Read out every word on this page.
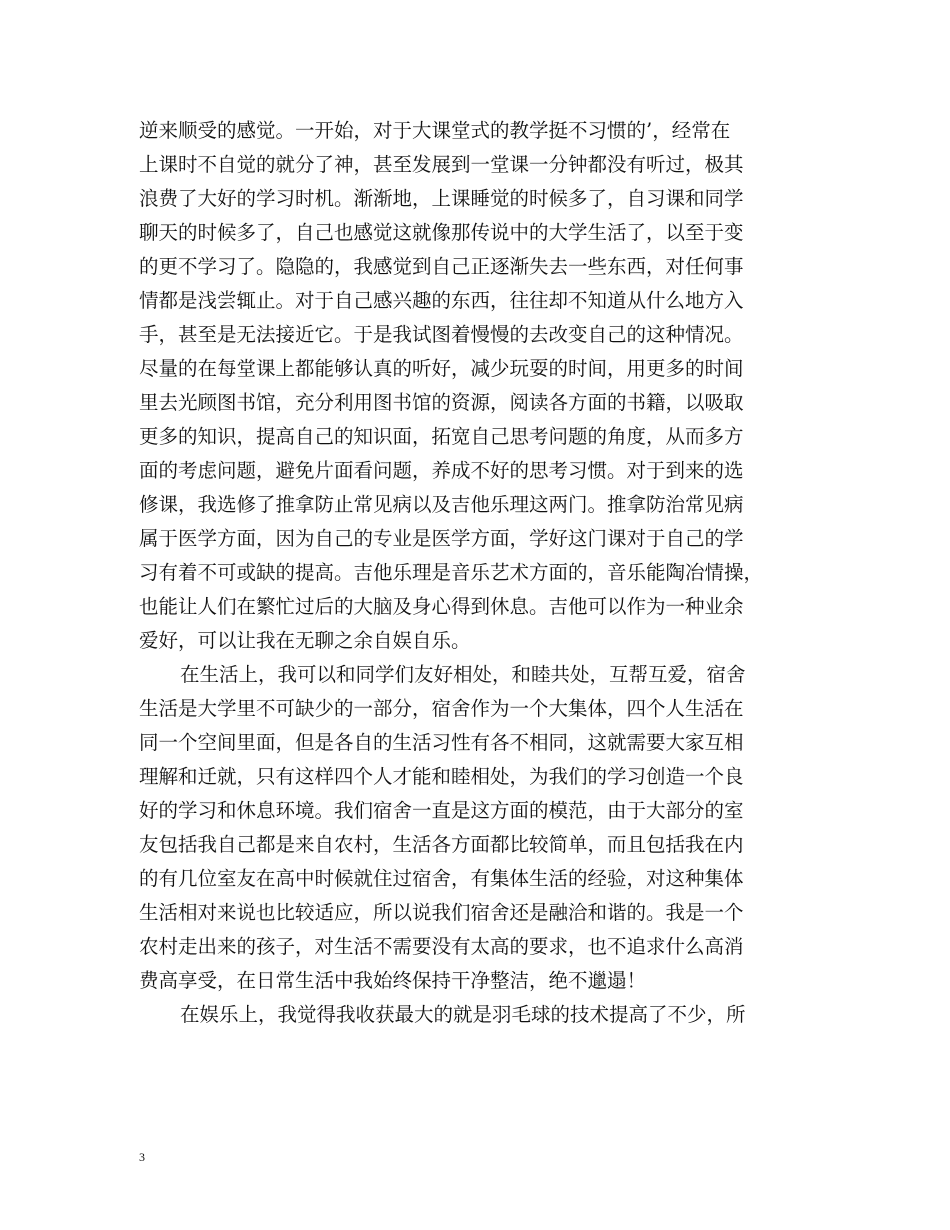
逆来顺受的感觉。一开始，对于大课堂式的教学挺不习惯的’，经常在
上课时不自觉的就分了神，甚至发展到一堂课一分钟都没有听过，极其
浪费了大好的学习时机。渐渐地，上课睡觉的时候多了，自习课和同学
聊天的时候多了，自己也感觉这就像那传说中的大学生活了，以至于变
的更不学习了。隐隐的，我感觉到自己正逐渐失去一些东西，对任何事
情都是浅尝辄止。对于自己感兴趣的东西，往往却不知道从什么地方入
手，甚至是无法接近它。于是我试图着慢慢的去改变自己的这种情况。
尽量的在每堂课上都能够认真的听好，减少玩耍的时间，用更多的时间
里去光顾图书馆，充分利用图书馆的资源，阅读各方面的书籍，以吸取
更多的知识，提高自己的知识面，拓宽自己思考问题的角度，从而多方
面的考虑问题，避免片面看问题，养成不好的思考习惯。对于到来的选
修课，我选修了推拿防止常见病以及吉他乐理这两门。推拿防治常见病
属于医学方面，因为自己的专业是医学方面，学好这门课对于自己的学
习有着不可或缺的提高。吉他乐理是音乐艺术方面的，音乐能陶冶情操，
也能让人们在繁忙过后的大脑及身心得到休息。吉他可以作为一种业余
爱好，可以让我在无聊之余自娱自乐。
在生活上，我可以和同学们友好相处，和睦共处，互帮互爱，宿舍
生活是大学里不可缺少的一部分，宿舍作为一个大集体，四个人生活在
同一个空间里面，但是各自的生活习性有各不相同，这就需要大家互相
理解和迁就，只有这样四个人才能和睦相处，为我们的学习创造一个良
好的学习和休息环境。我们宿舍一直是这方面的模范，由于大部分的室
友包括我自己都是来自农村，生活各方面都比较简单，而且包括我在内
的有几位室友在高中时候就住过宿舍，有集体生活的经验，对这种集体
生活相对来说也比较适应，所以说我们宿舍还是融洽和谐的。我是一个
农村走出来的孩子，对生活不需要没有太高的要求，也不追求什么高消
费高享受，在日常生活中我始终保持干净整洁，绝不邋遢！
在娱乐上，我觉得我收获最大的就是羽毛球的技术提高了不少，所
3
